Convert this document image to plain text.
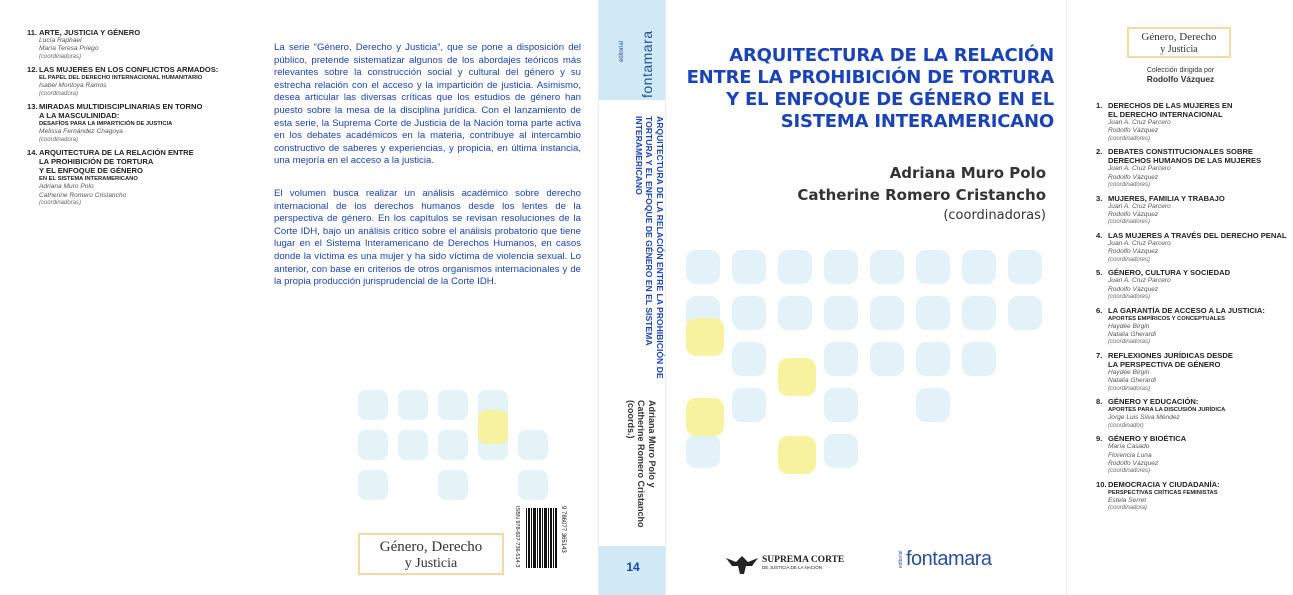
11. ARTE, JUSTICIA Y GÉNERO
Lucía Raphael
María Teresa Priego
(coordinadoras)
12.LAS MUJERES EN LOS CONFLICTOS ARMADOS:
EL PAPEL DEL DERECHO INTERNACIONAL HUMANITARIO
Isabel Montoya Ramos
(coordinadora)
13.MIRADAS MULTIDISCIPLINARIAS EN TORNO
A LA MASCULINIDAD:
DESAFÍOS PARA LA IMPARTICIÓN DE JUSTICIA
Melissa Fernández Chagoya
(coordinadora)
14.ARQUITECTURA DE LA RELACIÓN ENTRE
LA PROHIBICIÓN DE TORTURA
Y EL ENFOQUE DE GÉNERO
EN EL SISTEMA INTERAMERICANO
Adriana Muro Polo
Catherine Romero Cristancho
(coordinadoras)

La serie “Género, Derecho y Justicia”, que se pone a disposición del público, pretende sistematizar algunos de los abordajes teóricos más relevantes sobre la construcción social y cultural del género y su estrecha relación con el acceso y la impartición de justicia. Asimismo, desea articular las diversas críticas que los estudios de género han puesto sobre la mesa de la disciplina jurídica. Con el lanzamiento de esta serie, la Suprema Corte de Justicia de la Nación toma parte activa en los debates académicos en la materia, contribuye al intercambio constructivo de saberes y experiencias, y propicia, en última instancia, una mejoría en el acceso a la justicia.

El volumen busca realizar un análisis académico sobre derecho internacional de los derechos humanos desde los lentes de la perspectiva de género. En los capítulos se revisan resoluciones de la Corte IDH, bajo un análisis crítico sobre el análisis probatorio que tiene lugar en el Sistema Interamericano de Derechos Humanos, en casos donde la víctima es una mujer y ha sido víctima de violencia sexual. Lo anterior, con base en criterios de otros organismos internacionales y de la propia producción jurisprudencial de la Corte IDH.

Género, Derecho
y Justicia	ISBN 978-607-736-514-3	9 786077 365143
editorial fontamara
ARQUITECTURA DE LA RELACIÓN ENTRE LA PROHIBICIÓN DE TORTURA Y EL ENFOQUE DE GÉNERO EN EL SISTEMA INTERAMERICANO
Adriana Muro Polo y
Catherine Romero Cristancho
(coords.)
14
ARQUITECTURA DE LA RELACIÓN
ENTRE LA PROHIBICIÓN DE TORTURA
Y EL ENFOQUE DE GÉNERO EN EL
SISTEMA INTERAMERICANO
Adriana Muro Polo
Catherine Romero Cristancho
(coordinadoras)
SUPREMA CORTE
DE JUSTICIA DE LA NACIÓN	editorial fontamara
Género, Derecho
y Justicia
Colección dirigida por
Rodolfo Vázquez
1. DERECHOS DE LAS MUJERES EN
EL DERECHO INTERNACIONAL
Juan A. Cruz Parcero
Rodolfo Vázquez
(coordinadores)
2. DEBATES CONSTITUCIONALES SOBRE
DERECHOS HUMANOS DE LAS MUJERES
Juan A. Cruz Parcero
Rodolfo Vázquez
(coordinadores)
3. MUJERES, FAMILIA Y TRABAJO
Juan A. Cruz Parcero
Rodolfo Vázquez
(coordinadores)
4. LAS MUJERES A TRAVÉS DEL DERECHO PENAL
Juan A. Cruz Parcero
Rodolfo Vázquez
(coordinadores)
5. GÉNERO, CULTURA Y SOCIEDAD
Juan A. Cruz Parcero
Rodolfo Vázquez
(coordinadores)
6. LA GARANTÍA DE ACCESO A LA JUSTICIA:
APORTES EMPÍRICOS Y CONCEPTUALES
Haydée Birgin
Natalia Gherardi
(coordinadoras)
7. REFLEXIONES JURÍDICAS DESDE
LA PERSPECTIVA DE GÉNERO
Haydée Birgin
Natalia Gherardi
(coordinadoras)
8. GÉNERO Y EDUCACIÓN:
APORTES PARA LA DISCUSIÓN JURÍDICA
Jorge Luis Silva Méndez
(coordinador)
9. GÉNERO Y BIOÉTICA
María Casado
Florencia Luna
Rodolfo Vázquez
(coordinadores)
10.DEMOCRACIA Y CIUDADANÍA:
PERSPECTIVAS CRÍTICAS FEMINISTAS
Estela Serret
(coordinadora)
